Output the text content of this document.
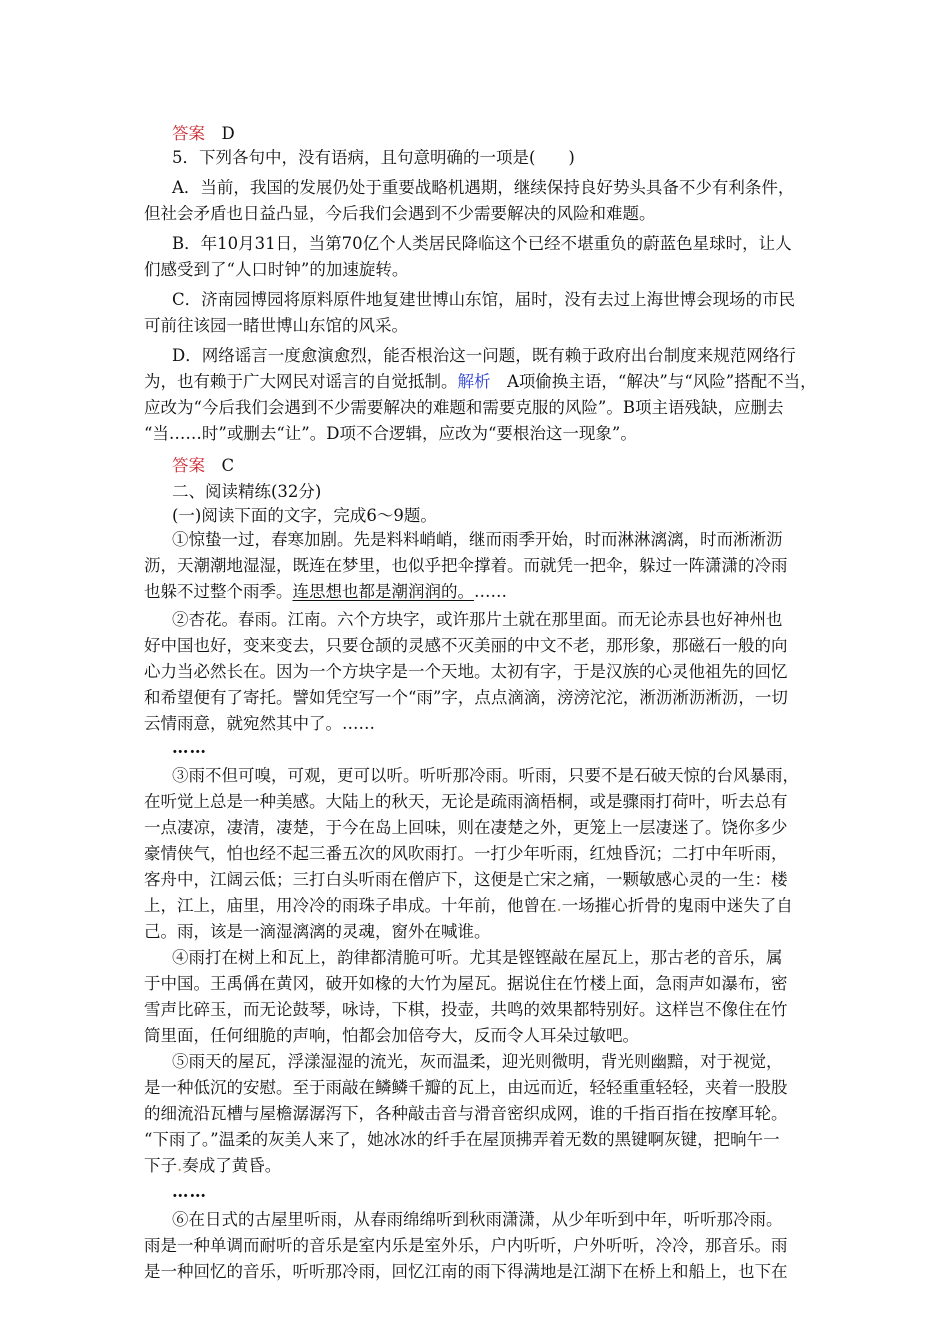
答案　 D
5．下列各句中，没有语病，且句意明确的一项是(　　)
A．当前，我国的发展仍处于重要战略机遇期，继续保持良好势头具备不少有利条件，
但社会矛盾也日益凸显，今后我们会遇到不少需要解决的风险和难题。
B．年10月31日，当第70亿个人类居民降临这个已经不堪重负的蔚蓝色星球时，让人
们感受到了“人口时钟”的加速旋转。
C．济南园博园将原料原件地复建世博山东馆，届时，没有去过上海世博会现场的市民
可前往该园一睹世博山东馆的风采。
D．网络谣言一度愈演愈烈，能否根治这一问题，既有赖于政府出台制度来规范网络行
为，也有赖于广大网民对谣言的自觉抵制。解析　A项偷换主语，“解决”与“风险”搭配不当，
应改为“今后我们会遇到不少需要解决的难题和需要克服的风险”。B项主语残缺，应删去
“当……时”或删去“让”。D项不合逻辑，应改为“要根治这一现象”。
答案　 C
二、阅读精练(32分)
(一)阅读下面的文字，完成6～9题。
①惊蛰一过，春寒加剧。先是料料峭峭，继而雨季开始，时而淋淋漓漓，时而淅淅沥
沥，天潮潮地湿湿，既连在梦里，也似乎把伞撑着。而就凭一把伞，躲过一阵潇潇的冷雨
也躲不过整个雨季。连思想也都是潮润润的。……
②杏花。春雨。江南。六个方块字，或许那片土就在那里面。而无论赤县也好神州也
好中国也好，变来变去，只要仓颉的灵感不灭美丽的中文不老，那形象，那磁石一般的向
心力当必然长在。因为一个方块字是一个天地。太初有字，于是汉族的心灵他祖先的回忆
和希望便有了寄托。譬如凭空写一个“雨”字，点点滴滴，滂滂沱沱，淅沥淅沥淅沥，一切
云情雨意，就宛然其中了。……
……
③雨不但可嗅，可观，更可以听。听听那冷雨。听雨，只要不是石破天惊的台风暴雨，
在听觉上总是一种美感。大陆上的秋天，无论是疏雨滴梧桐，或是骤雨打荷叶，听去总有
一点凄凉，凄清，凄楚，于今在岛上回味，则在凄楚之外，更笼上一层凄迷了。饶你多少
豪情侠气，怕也经不起三番五次的风吹雨打。一打少年听雨，红烛昏沉；二打中年听雨，
客舟中，江阔云低；三打白头听雨在僧庐下，这便是亡宋之痛，一颗敏感心灵的一生：楼
上，江上，庙里，用冷冷的雨珠子串成。十年前，他曾在.一场摧心折骨的鬼雨中迷失了自
己。雨，该是一滴湿漓漓的灵魂，窗外在喊谁。
④雨打在树上和瓦上，韵律都清脆可听。尤其是铿铿敲在屋瓦上，那古老的音乐，属
于中国。王禹偁在黄冈，破开如椽的大竹为屋瓦。据说住在竹楼上面，急雨声如瀑布，密
雪声比碎玉，而无论鼓琴，咏诗，下棋，投壶，共鸣的效果都特别好。这样岂不像住在竹
筒里面，任何细脆的声响，怕都会加倍夸大，反而令人耳朵过敏吧。
⑤雨天的屋瓦，浮漾湿湿的流光，灰而温柔，迎光则微明，背光则幽黯，对于视觉，
是一种低沉的安慰。至于雨敲在鳞鳞千瓣的瓦上，由远而近，轻轻重重轻轻，夹着一股股
的细流沿瓦槽与屋檐潺潺泻下，各种敲击音与滑音密织成网，谁的千指百指在按摩耳轮。
“下雨了。”温柔的灰美人来了，她冰冰的纤手在屋顶拂弄着无数的黑键啊灰键，把晌午一
下子.奏成了黄昏。
……
⑥在日式的古屋里听雨，从春雨绵绵听到秋雨潇潇，从少年听到中年，听听那冷雨。
雨是一种单调而耐听的音乐是室内乐是室外乐，户内听听，户外听听，冷冷，那音乐。雨
是一种回忆的音乐，听听那冷雨，回忆江南的雨下得满地是江湖下在桥上和船上，也下在
